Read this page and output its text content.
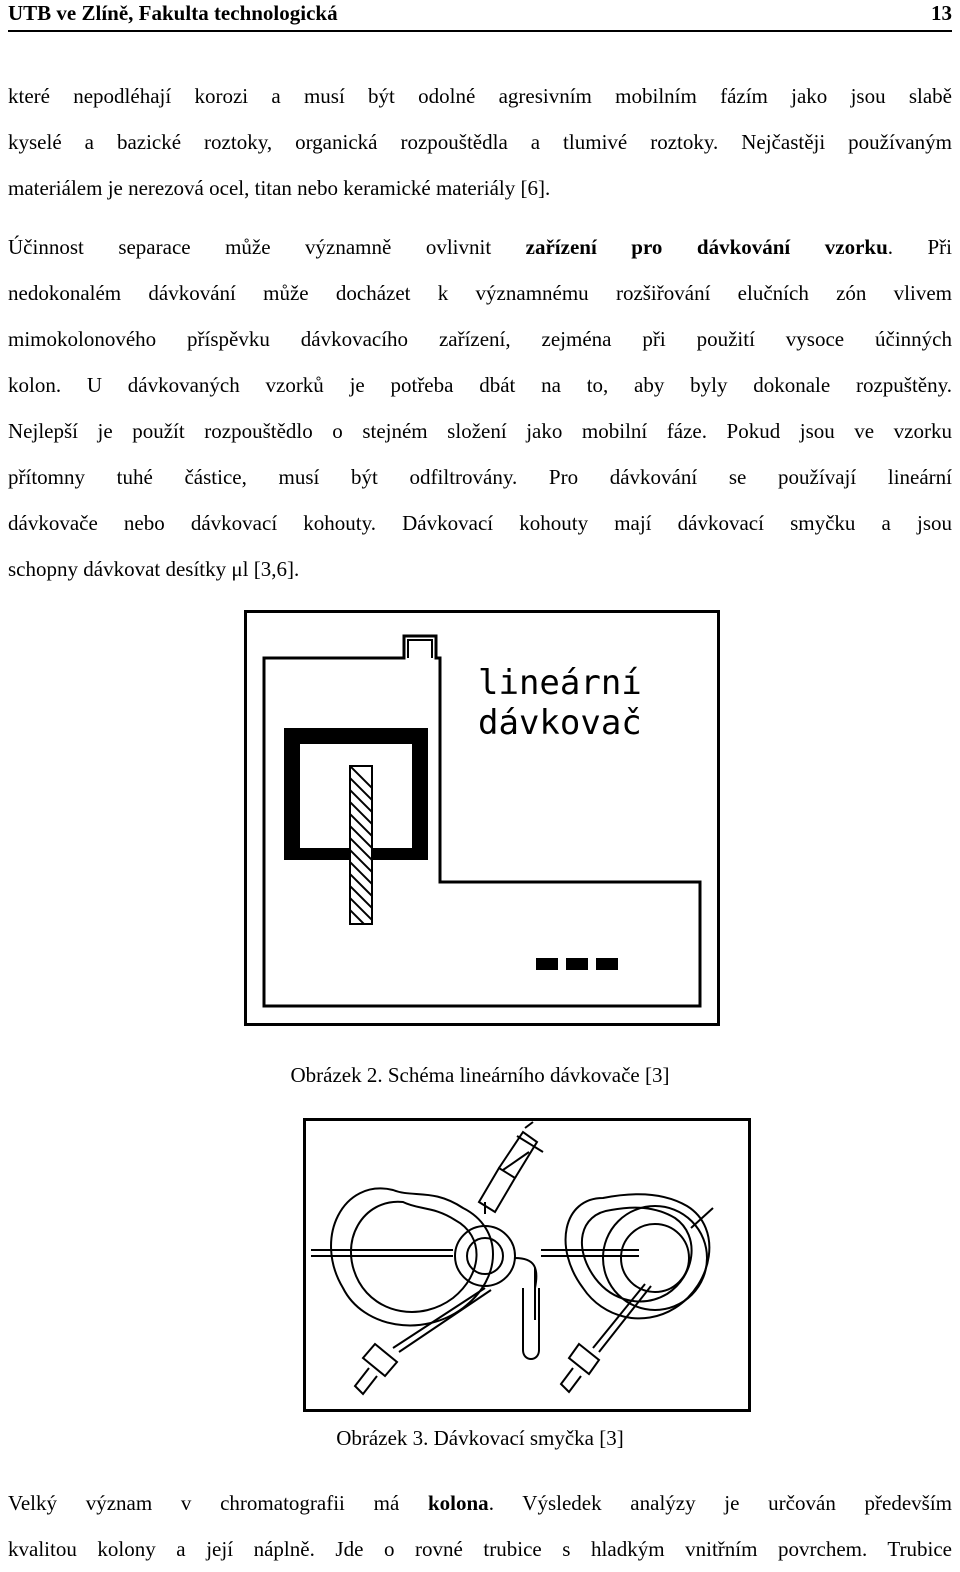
UTB ve Zlíně, Fakulta technologická	13
které nepodléhají korozi a musí být odolné agresivním mobilním fázím jako jsou slabě
kyselé a bazické roztoky, organická rozpouštědla a tlumivé roztoky. Nejčastěji používaným
materiálem je nerezová ocel, titan nebo keramické materiály [6].
Účinnost separace může významně ovlivnit zařízení pro dávkování vzorku. Při
nedokonalém dávkování může docházet k významnému rozšiřování elučních zón vlivem
mimokolonového příspěvku dávkovacího zařízení, zejména při použití vysoce účinných
kolon. U dávkovaných vzorků je potřeba dbát na to, aby byly dokonale rozpuštěny.
Nejlepší je použít rozpouštědlo o stejném složení jako mobilní fáze. Pokud jsou ve vzorku
přítomny tuhé částice, musí být odfiltrovány. Pro dávkování se používají lineární
dávkovače nebo dávkovací kohouty. Dávkovací kohouty mají dávkovací smyčku a jsou
schopny dávkovat desítky μl [3,6].
lineární
dávkovač
Obrázek 2. Schéma lineárního dávkovače [3]
Obrázek 3. Dávkovací smyčka [3]
Velký význam v chromatografii má kolona. Výsledek analýzy je určován především
kvalitou kolony a její náplně. Jde o rovné trubice s hladkým vnitřním povrchem. Trubice
